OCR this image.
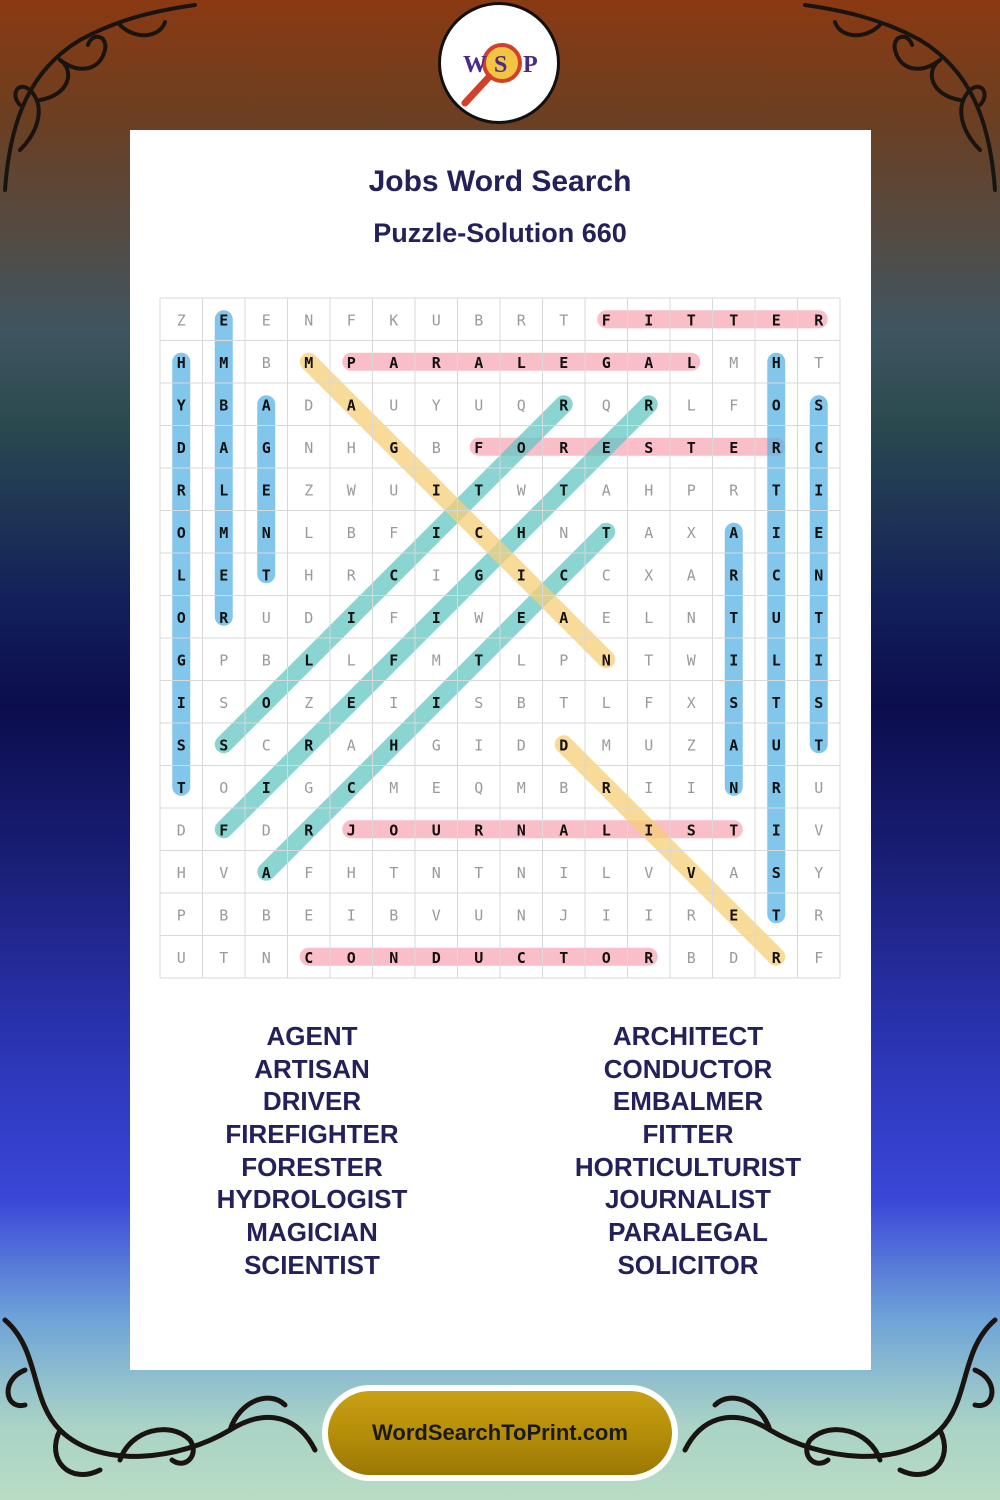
W S P
Jobs Word Search
Puzzle-Solution 660
Z E E N F K U B R T F I T T E R
H M B M P A R A L E G A L M H T
Y B A D A U Y U Q R Q R L F O S
D A G N H G B F O R E S T E R C
R L E Z W U I T W T A H P R T I
O M N L B F I C H N T A X A I E
L E T H R C I G I C C X A R C N
O R U D I F I W E A E L N T U T
G P B L L F M T L P N T W I L I
I S O Z E I I S B T L F X S T S
S S C R A H G I D D M U Z A U T
T O I G C M E Q M B R I I N R U
D F D R J O U R N A L I S T I V
H V A F H T N T N I L V V A S Y
P B B E I B V U N J I I R E T R
U T N C O N D U C T O R B D R F
AGENT
ARTISAN
DRIVER
FIREFIGHTER
FORESTER
HYDROLOGIST
MAGICIAN
SCIENTIST
ARCHITECT
CONDUCTOR
EMBALMER
FITTER
HORTICULTURIST
JOURNALIST
PARALEGAL
SOLICITOR
WordSearchToPrint.com
